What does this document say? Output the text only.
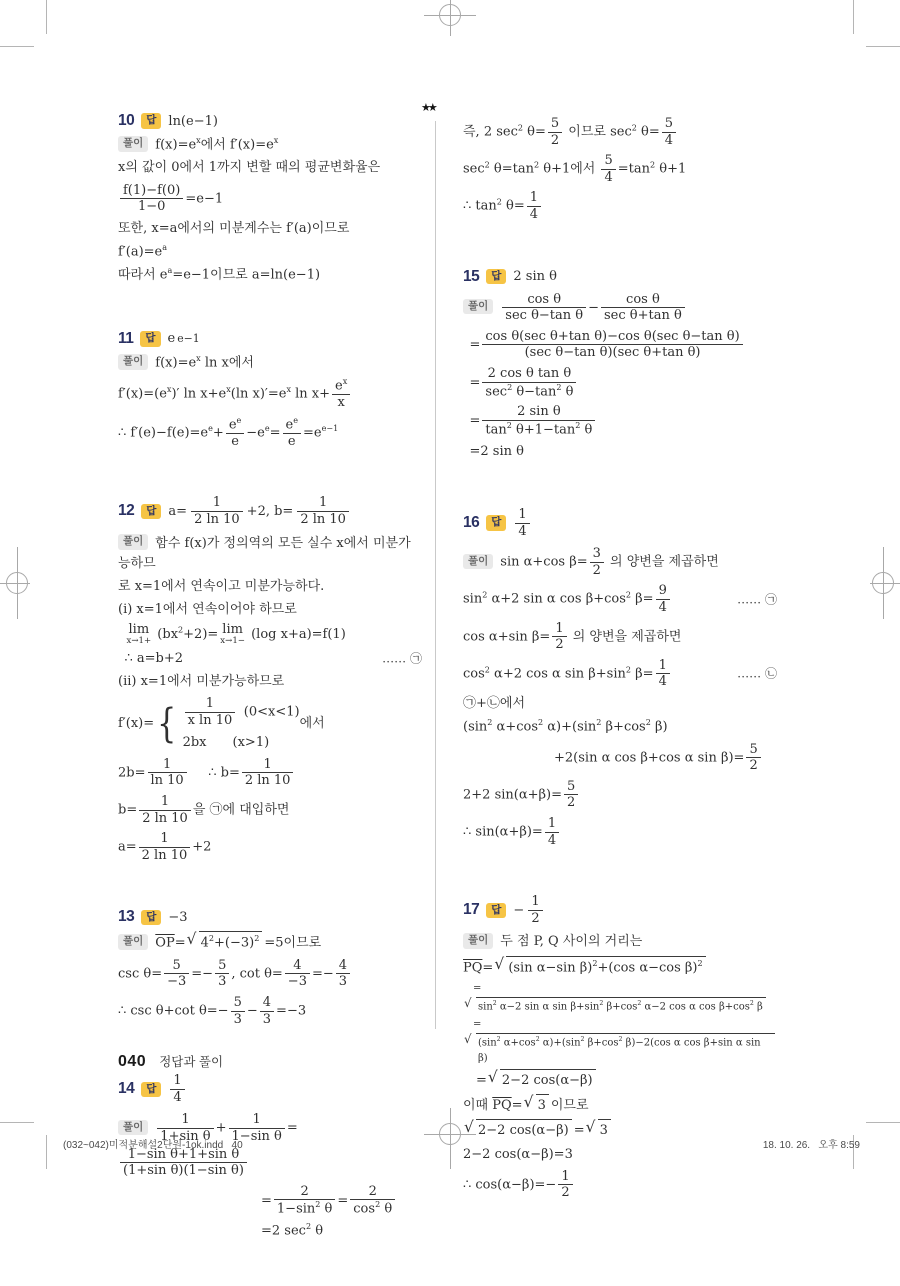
★★
10	답 ln(e−1)
풀이 $f(x)=e^x$에서 $f'(x)=e^x$
x의 값이 0에서 1까지 변할 때의 평균변화율은
$\frac{f(1)-f(0)}{1-0} =e-1$
또한, x=a에서의 미분계수는 f′(a)이므로
$f'(a)=e^a$
따라서 $e^a=e-1$이므로 a=ln(e−1)
11	답 e e−1
풀이 $f(x)=e^x$ ln x에서
$f'(x)=(e^x)'$ $\ln x+e^x(\ln$ $x)'=e^x$ $\ln x+ \frac{e^x}{x}$
∴ $f'(e)-f(e)=e^e+ \frac{e^e}{e} -e^e= \frac{e^e}{e} =e^{e-1}$
12	답 $a= \frac{1}{2 \ln 10} +2$, $b= \frac{1}{2 \ln 10}$
풀이 함수 f(x)가 정의역의 모든 실수 x에서 미분가능하므
로 x=1에서 연속이고 미분가능하다.
(i) x=1에서 연속이어야 하므로

lim
$x\to 1+ (bx^2+2)= \lim$
x→1− (log x+a)=f(1)
 ∴ a=b+2	…… ㉠
(ii) x=1에서 미분가능하므로
f′(x)= { $\frac{1}{\text{x ln 10}}$  (0<x<1)
2bx   (x>1)
에서
$2b= \frac{1}{\ln 10}$   ∴ $b= \frac{1}{2 \ln 10}$
$b= \frac{1}{2 \ln 10}$ 을 ㉠에 대입하면
$a= \frac{1}{2 \ln 10} +2$
13	답 −3
풀이 $\overline{OP}=$ √ $4^2+(-3)^2 =5$이므로
$\csc \theta= \frac{5}{-3} =- \frac{5}{3}$ , $\cot \theta= \frac{4}{-3} =- \frac{4}{3}$
∴ csc θ+cot $\theta=- \frac{5}{3} - \frac{4}{3} =-3$
14	답	$\frac{1}{4}$
풀이 $\frac{1}{\text{1+sin θ}} + \frac{1}{\text{1−sin θ}}$ =
$\frac{\text{1−sin θ+1+sin θ}}{\text{(1+sin θ)(1−sin θ)}}$
           = $\frac{2}{1-\sin^2 \theta} = \frac{2}{\cos^2 \theta}$
           =2 $\sec^2 \theta$
즉, 2 $\sec^2 \theta= \frac{5}{2}$ 이므로 $\sec^2 \theta= \frac{5}{4}$
$\sec^2 \theta=\tan^2$ θ+1에서 $\frac{5}{4} =\tan^2$ θ+1
∴ $\tan^2 \theta= \frac{1}{4}$
15	답 2 sin θ
풀이 $\frac{\text{cos θ}}{\text{sec θ−tan θ}} - \frac{\text{cos θ}}{\text{sec θ+tan θ}}$
 = $\frac{\text{cos θ(sec θ+tan θ)−cos θ(sec θ−tan θ)}}{\text{(sec θ−tan θ)(sec θ+tan θ)}}$
 = $\frac{\text{2 cos θ tan θ}}{\sec^2 \theta-\tan^2 \theta}$
 = $\frac{\text{2 sin θ}}{\tan^2 \theta+1-\tan^2 \theta}$
 =2 sin θ
16	답	$\frac{1}{4}$
풀이 sin α+cos $\beta= \frac{3}{2}$ 의 양변을 제곱하면
$\sin^2 \alpha+2$ sin α $\cos \beta+\cos^2$ $\beta= \frac{9}{4}$	…… ㉠
cos α+sin $\beta= \frac{1}{2}$ 의 양변을 제곱하면
$\cos^2 \alpha+2$ cos α $\sin \beta+\sin^2$ $\beta= \frac{1}{4}$	…… ㉡
㉠+㉡에서
($\sin^2$ $\alpha+\cos^2$ $\alpha)+(\sin^2$ $\beta+\cos^2$ β)
       +2(sin α cos β+cos α $\sin \beta)= \frac{5}{2}$
2+2 $\sin(\alpha+\beta)= \frac{5}{2}$
∴ $\sin(\alpha+\beta)= \frac{1}{4}$
17	답 − $\frac{1}{2}$
풀이 두 점 P, Q 사이의 거리는
$\overline{PQ}=$ √ (sin α−sin β)$^2$+(cos α−cos β)$^2$
  =√ $\sin^2 \alpha-2$ sin α $\sin \beta+\sin^2$ $\beta+\cos^2$ α−2 cos α $\cos \beta+\cos^2$ β
  =√ ($\sin^2$ $\alpha+\cos^2$ $\alpha)+(\sin^2$ $\beta+\cos^2$ β)−2(cos α cos β+sin α sin β)
  = √ 2−2 cos(α−β)
이때 $\overline{PQ}=$ √ 3 이므로
√ 2−2 cos(α−β) = √ 3
2−2 cos(α−β)=3
∴ $\cos(\alpha-\beta)=- \frac{1}{2}$
040 정답과 풀이
(032~042)미적분해설2단원-1ok.indd   40	18. 10. 26.   오후 8:59
